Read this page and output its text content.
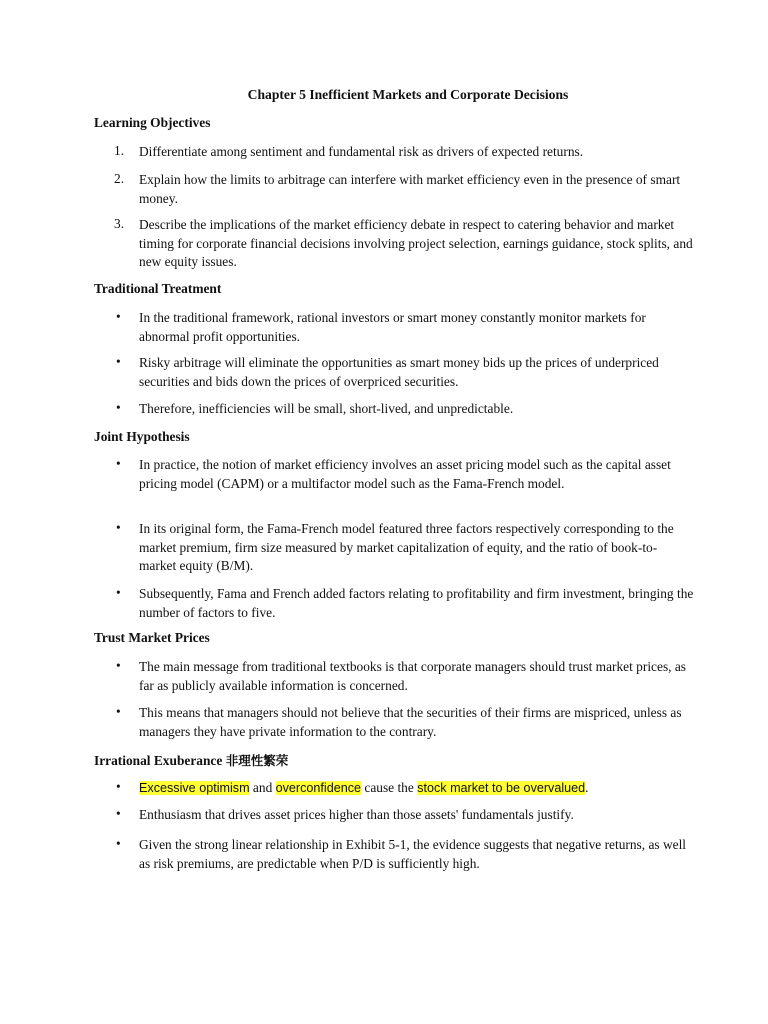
Chapter 5 Inefficient Markets and Corporate Decisions
Learning Objectives
1.	Differentiate among sentiment and fundamental risk as drivers of expected returns.
2.	Explain how the limits to arbitrage can interfere with market efficiency even in the presence of smart money.
3.	Describe the implications of the market efficiency debate in respect to catering behavior and market timing for corporate financial decisions involving project selection, earnings guidance, stock splits, and new equity issues.
Traditional Treatment
•	In the traditional framework, rational investors or smart money constantly monitor markets for abnormal profit opportunities.
•	Risky arbitrage will eliminate the opportunities as smart money bids up the prices of underpriced securities and bids down the prices of overpriced securities.
•	Therefore, inefficiencies will be small, short-lived, and unpredictable.
Joint Hypothesis
•	In practice, the notion of market efficiency involves an asset pricing model such as the capital asset pricing model (CAPM) or a multifactor model such as the Fama-French model.
•	In its original form, the Fama-French model featured three factors respectively corresponding to the market premium, firm size measured by market capitalization of equity, and the ratio of book-to-market equity (B/M).
•	Subsequently, Fama and French added factors relating to profitability and firm investment, bringing the number of factors to five.
Trust Market Prices
•	The main message from traditional textbooks is that corporate managers should trust market prices, as far as publicly available information is concerned.
•	This means that managers should not believe that the securities of their firms are mispriced, unless as managers they have private information to the contrary.
Irrational Exuberance 非理性繁荣
•	Excessive optimism and overconfidence cause the stock market to be overvalued.
•	Enthusiasm that drives asset prices higher than those assets' fundamentals justify.
•	Given the strong linear relationship in Exhibit 5-1, the evidence suggests that negative returns, as well as risk premiums, are predictable when P/D is sufficiently high.
